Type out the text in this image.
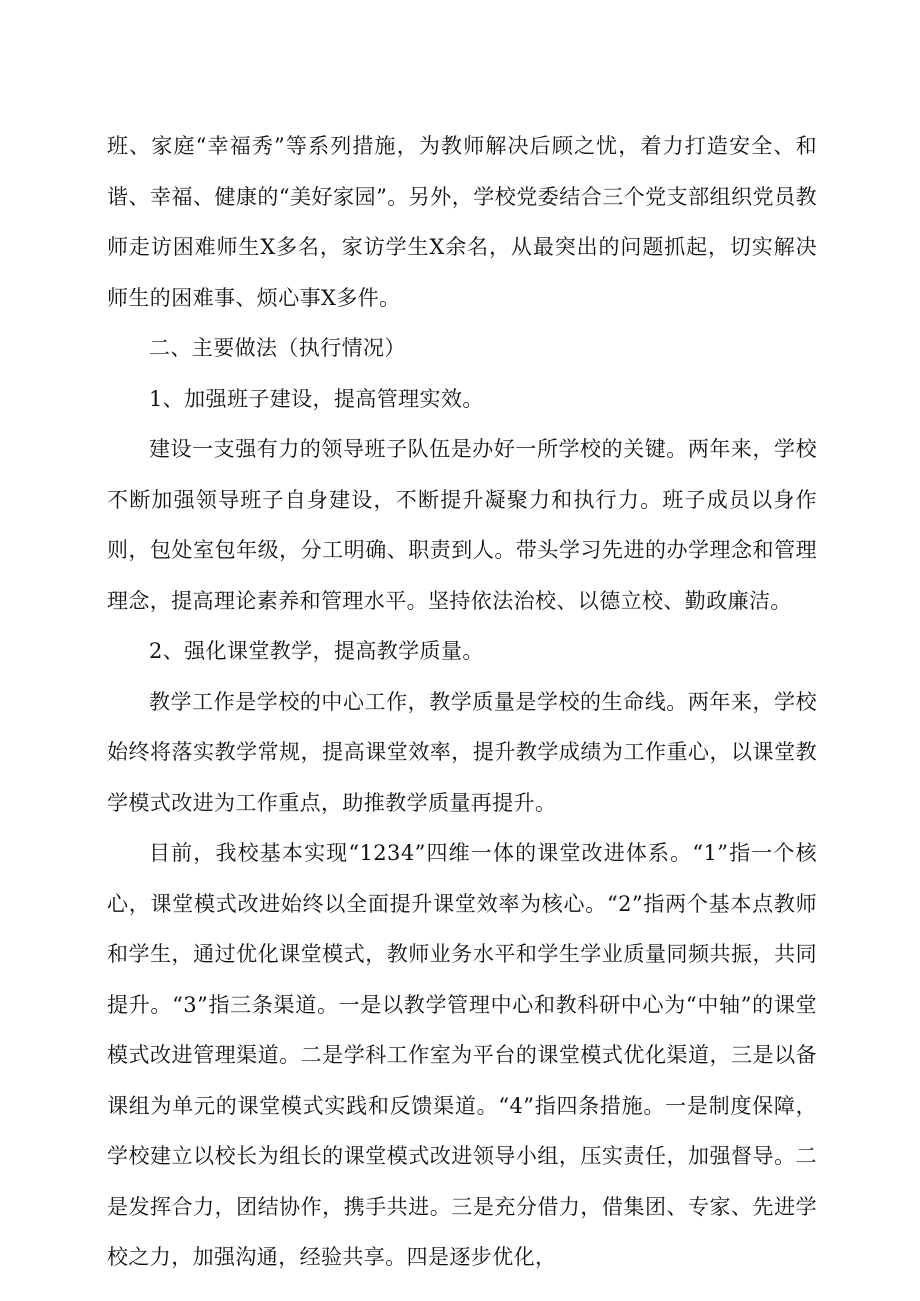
班、家庭“幸福秀”等系列措施，为教师解决后顾之忧，着力打造安全、和谐、幸福、健康的“美好家园”。另外，学校党委结合三个党支部组织党员教师走访困难师生X多名，家访学生X余名，从最突出的问题抓起，切实解决师生的困难事、烦心事X多件。

二、主要做法（执行情况）

1、加强班子建设，提高管理实效。

建设一支强有力的领导班子队伍是办好一所学校的关键。两年来，学校不断加强领导班子自身建设，不断提升凝聚力和执行力。班子成员以身作则，包处室包年级，分工明确、职责到人。带头学习先进的办学理念和管理理念，提高理论素养和管理水平。坚持依法治校、以德立校、勤政廉洁。

2、强化课堂教学，提高教学质量。

教学工作是学校的中心工作，教学质量是学校的生命线。两年来，学校始终将落实教学常规，提高课堂效率，提升教学成绩为工作重心，以课堂教学模式改进为工作重点，助推教学质量再提升。

目前，我校基本实现“1234”四维一体的课堂改进体系。“1”指一个核心，课堂模式改进始终以全面提升课堂效率为核心。“2”指两个基本点教师和学生，通过优化课堂模式，教师业务水平和学生学业质量同频共振，共同提升。“3”指三条渠道。一是以教学管理中心和教科研中心为“中轴”的课堂模式改进管理渠道。二是学科工作室为平台的课堂模式优化渠道，三是以备课组为单元的课堂模式实践和反馈渠道。“4”指四条措施。一是制度保障，学校建立以校长为组长的课堂模式改进领导小组，压实责任，加强督导。二是发挥合力，团结协作，携手共进。三是充分借力，借集团、专家、先进学校之力，加强沟通，经验共享。四是逐步优化，
